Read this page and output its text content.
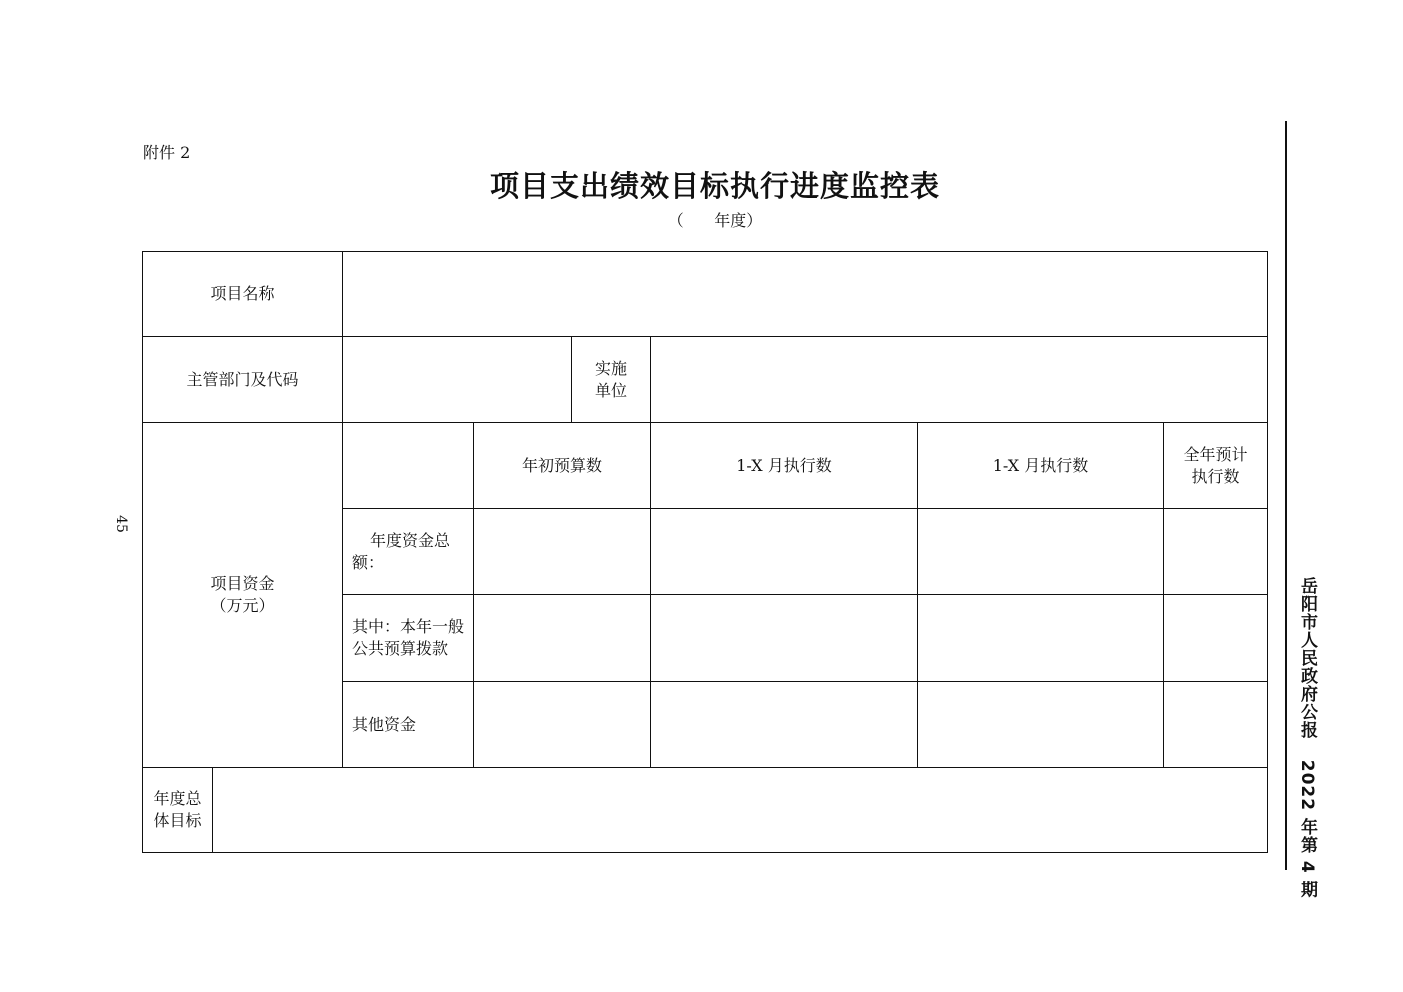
附件 2
项目支出绩效目标执行进度监控表
（      年度）
45
岳阳市人民政府公报   2022 年第 4 期
项目名称
主管部门及代码
实施单位
项目资金（万元）
年初预算数	1-X 月执行数	1-X 月执行数
全年预计执行数
年度资金总额：
其中：本年一般公共预算拨款
其他资金
年度总体目标
